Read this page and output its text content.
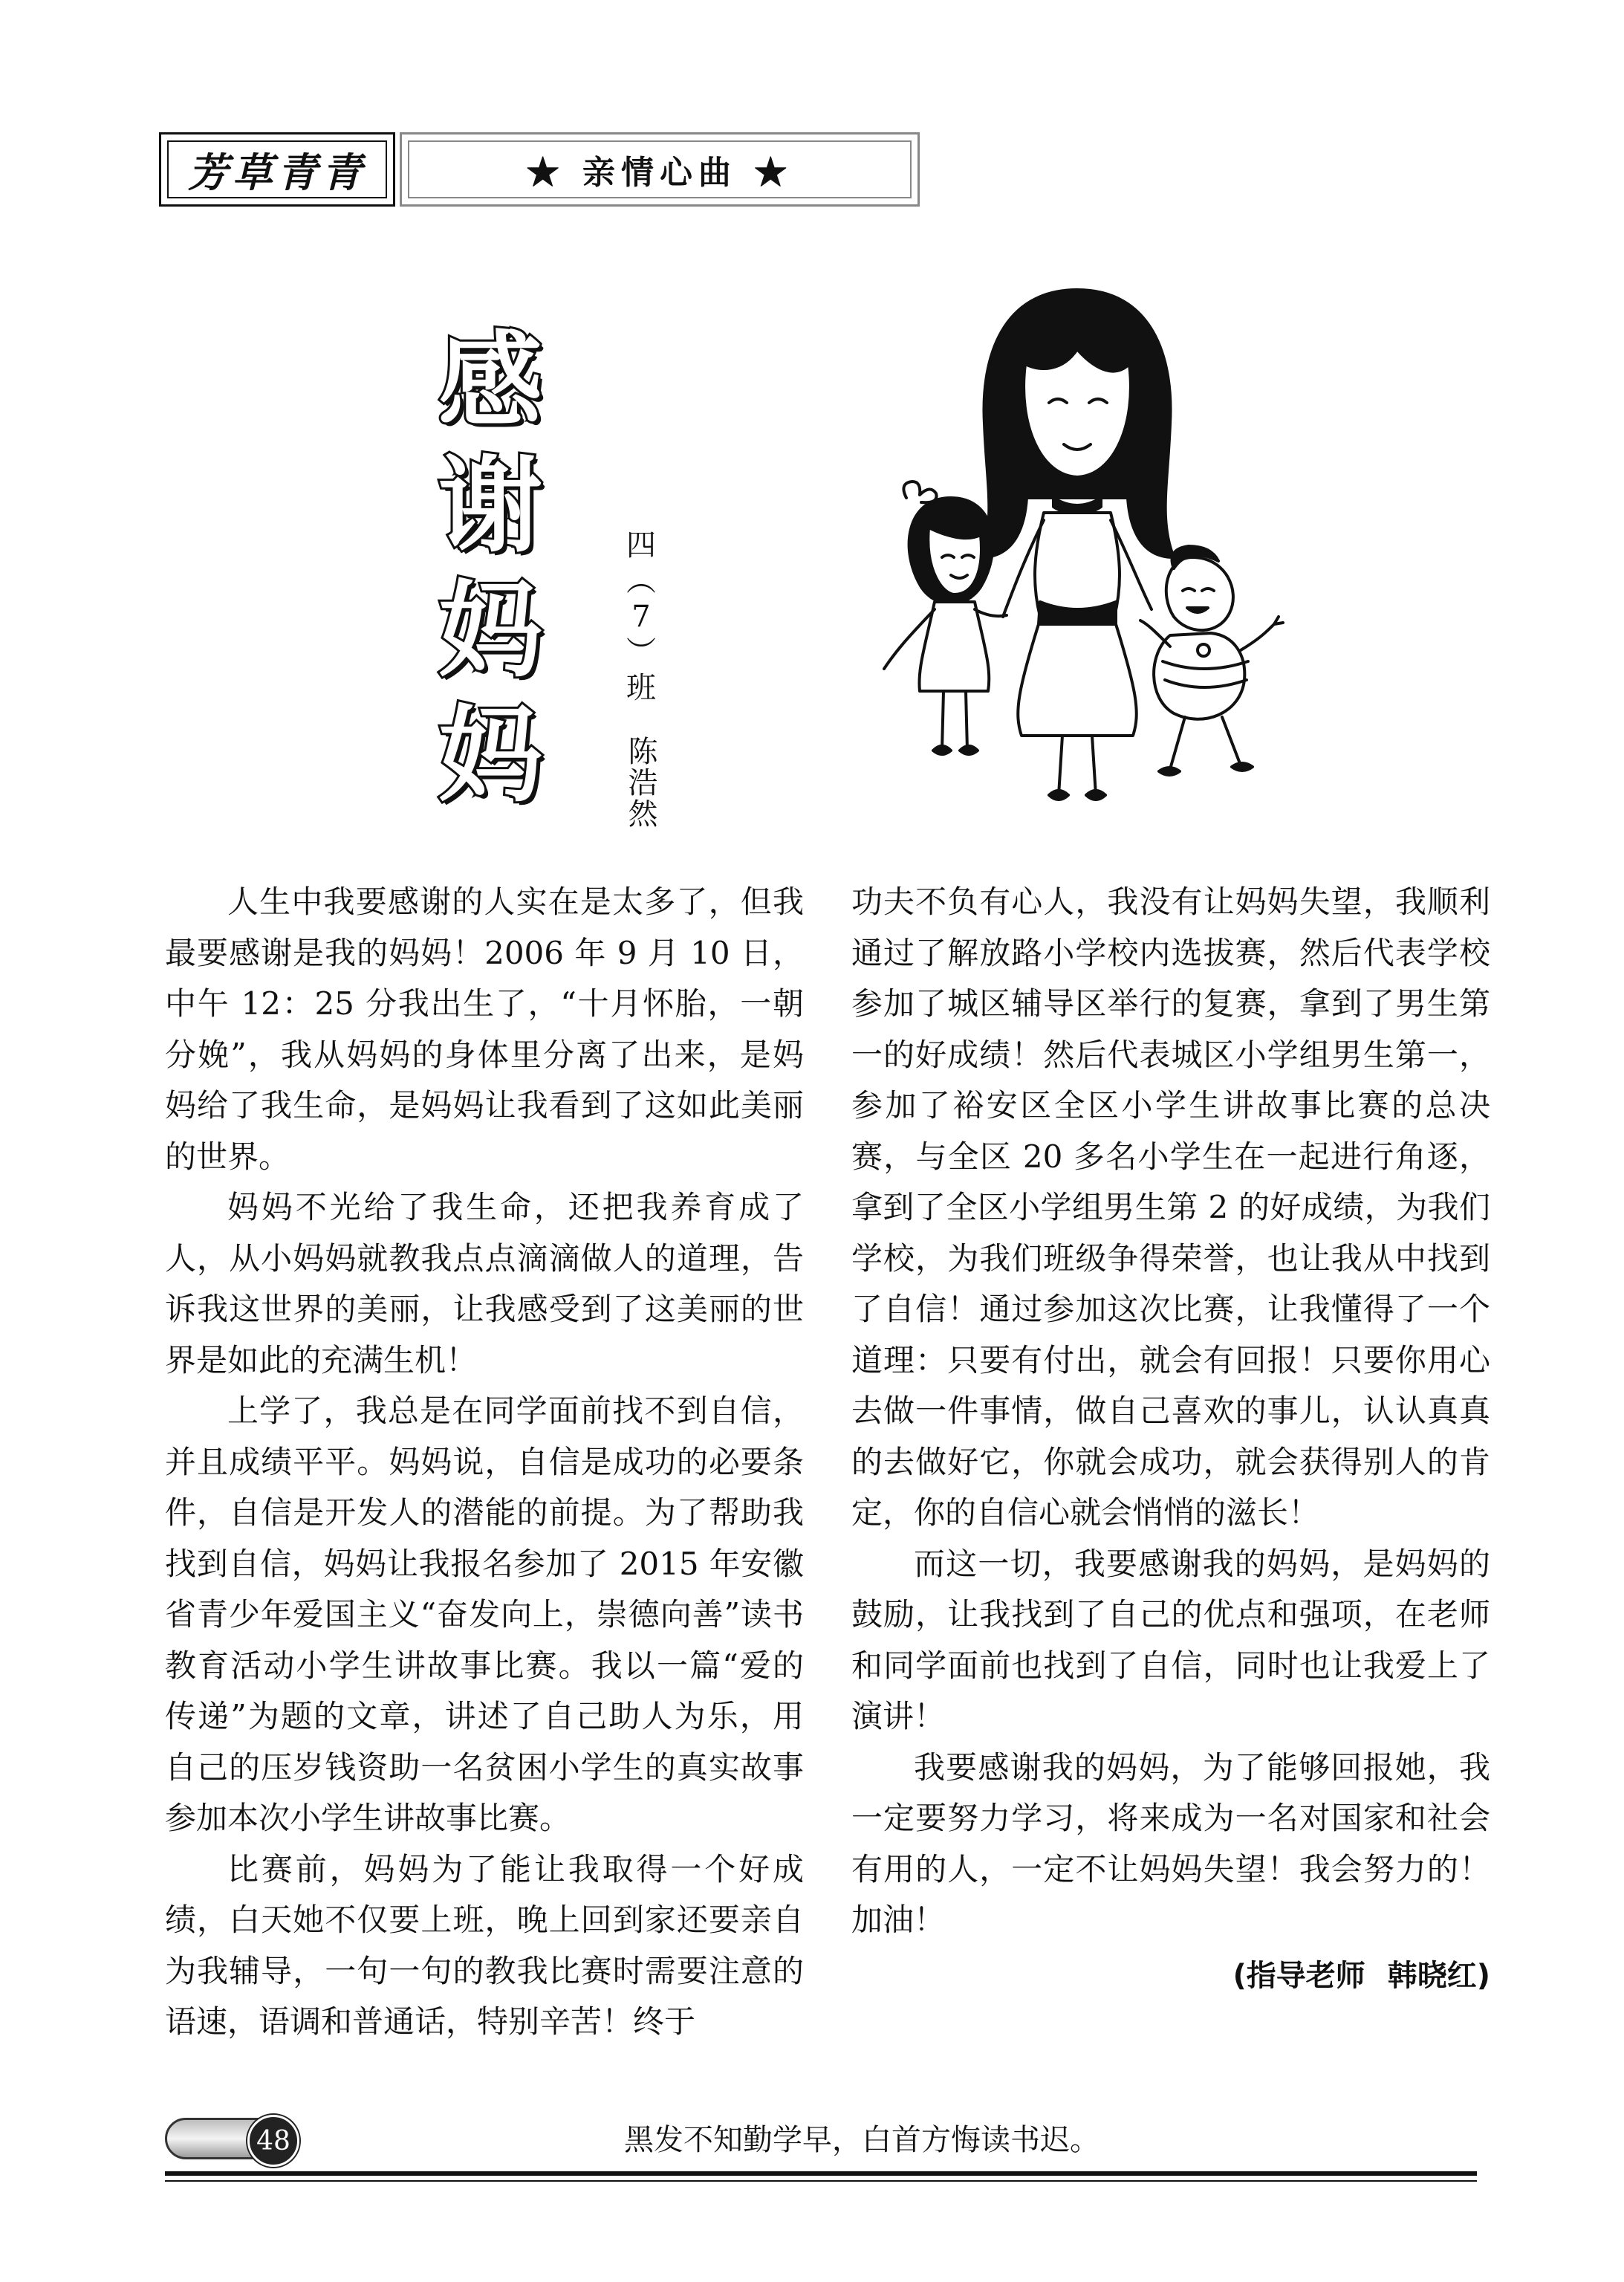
芳草青青	★ 亲情心曲 ★
感
谢
妈
妈
四
︵
7
︶
班
陈浩然

人生中我要感谢的人实在是太多了，但我最要感谢是我的妈妈！2006 年 9 月 10 日，中午 12：25 分我出生了，“十月怀胎，一朝分娩”，我从妈妈的身体里分离了出来，是妈妈给了我生命，是妈妈让我看到了这如此美丽的世界。

妈妈不光给了我生命，还把我养育成了人，从小妈妈就教我点点滴滴做人的道理，告诉我这世界的美丽，让我感受到了这美丽的世界是如此的充满生机！

上学了，我总是在同学面前找不到自信，并且成绩平平。妈妈说，自信是成功的必要条件，自信是开发人的潜能的前提。为了帮助我找到自信，妈妈让我报名参加了 2015 年安徽省青少年爱国主义“奋发向上，崇德向善”读书教育活动小学生讲故事比赛。我以一篇“爱的传递”为题的文章，讲述了自己助人为乐，用自己的压岁钱资助一名贫困小学生的真实故事参加本次小学生讲故事比赛。

比赛前，妈妈为了能让我取得一个好成绩，白天她不仅要上班，晚上回到家还要亲自为我辅导，一句一句的教我比赛时需要注意的语速，语调和普通话，特别辛苦！终于

功夫不负有心人，我没有让妈妈失望，我顺利通过了解放路小学校内选拔赛，然后代表学校参加了城区辅导区举行的复赛，拿到了男生第一的好成绩！然后代表城区小学组男生第一，参加了裕安区全区小学生讲故事比赛的总决赛，与全区 20 多名小学生在一起进行角逐，拿到了全区小学组男生第 2 的好成绩，为我们学校，为我们班级争得荣誉，也让我从中找到了自信！通过参加这次比赛，让我懂得了一个道理：只要有付出，就会有回报！只要你用心去做一件事情，做自己喜欢的事儿，认认真真的去做好它，你就会成功，就会获得别人的肯定，你的自信心就会悄悄的滋长！

而这一切，我要感谢我的妈妈，是妈妈的鼓励，让我找到了自己的优点和强项，在老师和同学面前也找到了自信，同时也让我爱上了演讲！

我要感谢我的妈妈，为了能够回报她，我一定要努力学习，将来成为一名对国家和社会有用的人，一定不让妈妈失望！我会努力的！加油！

(指导老师 韩晓红)
48	黑发不知勤学早，白首方悔读书迟。
